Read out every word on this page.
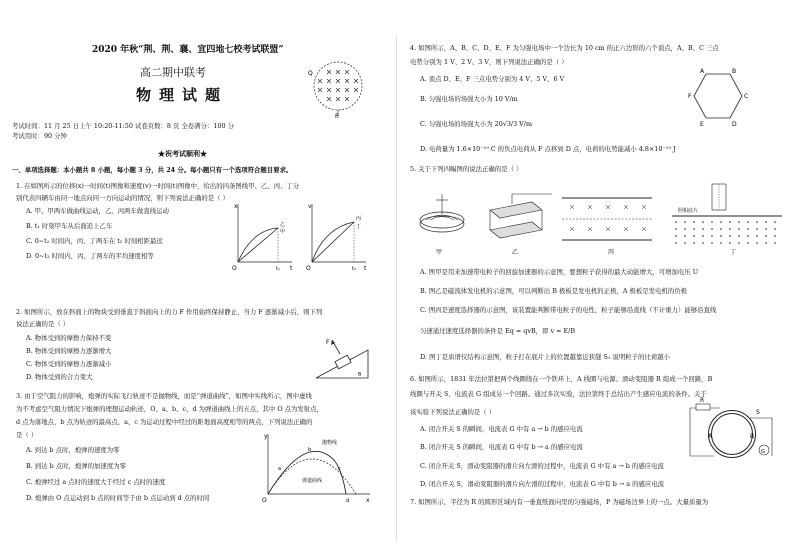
2020 年秋“荆、荆、襄、宜四地七校考试联盟”
高二期中联考
物理试题
Q
P
考试时间：11 月 25 日上午 10:20-11:50 试卷页数：8 页 全卷满分：100 分
考试用时：90 分钟
★祝考试顺利★
一、单项选择题：本小题共 8 小题，每小题 3 分，共 24 分。每小题只有一个选项符合题目要求。
1. 在如图所示的位移(x)一时间(t)图像和速度(v)一时间(t)图像中，给出的四条图线甲、乙、丙、丁分
别代表四辆车由同一地点向同一方向运动的情况，则下列说法正确的是（ ）
A. 甲、甲两车做曲线运动，乙、丙两车做直线运动
B. t₁ 时刻甲车从后面追上乙车
C. 0~t₂ 时间内，丙、丁两车在 t₂ 时刻相距最远
D. 0~t₂ 时间内，丙、丁两车的平均速度相等
x
t
t₁
O
乙
甲
v
t
t₂
O
丙
丁
2. 如图所示，放在斜面上的物块受到垂直于斜面向上的力 F 作用始终保持静止，当力 F 逐渐减小后，则下列
说法正确的是（ ）
A. 物体受到的摩擦力保持不变
B. 物体受到的摩擦力逐渐增大
C. 物体受到的摩擦力逐渐减小
D. 物体受到的合力变大
F
θ
3. 由于空气阻力的影响，炮弹的实际飞行轨迹不是抛物线，而是“弹道曲线”，如图中实线所示，图中虚线
为不考虑空气阻力情况下炮弹的理想运动轨迹，O、a、b、c、d 为弹道曲线上的五点，其中 O 点为发射点，
d 点为落地点，b 点为轨迹的最高点，a、c 为运动过程中经过的距地面高度相等的两点，下列说法正确的
是（ ）
A. 到达 b 点时，炮弹的速度为零
B. 到达 b 点时，炮弹的加速度为零
C. 炮弹经过 a 点时的速度大于经过 c 点时的速度
D. 炮弹由 O 点运动到 b 点的时间等于由 b 点运动到 d 点的时间
y
x
O
a
b
c
d
抛物线
弹道曲线
4. 如图所示，A、B、C、D、E、F 为匀强电场中一个边长为 10 cm 的正六边形的六个顶点，A、B、C 三点
电势分别为 1 V、2 V、3 V，则下列说法正确的是（ ）
A. 顶点 D、E、F 三点电势分别为 4 V、5 V、6 V
B. 匀强电场的场强大小为 10 V/m
C. 匀强电场的场强大小为 20√3/3 V/m
D. 电荷量为 1.6×10⁻¹⁹ C 的负点电荷从 F 点移到 D 点，电荷的电势能减小 4.8×10⁻¹⁹ J
A	B
C
D
E
F
5. 关于下列四幅图的说法正确的是（ ）
甲	乙	丙
照相底片
丁
A. 图甲是用来加速带电粒子的回旋加速器的示意图，要想粒子获得的最大动能增大，可增加电压 U
B. 图乙是磁流体发电机的示意图，可以判断出 B 极板是发电机的正极，A 极板是发电机的负极
C. 图丙是速度选择器的示意图，该装置能判断带电粒子的电性，粒子能够沿直线（不计重力）能够沿直线
匀速通过速度选择器的条件是 Eq = qvB，即 v = E/B
D. 图丁是质谱仪结构示意图，粒子打在底片上的位置越靠近狭缝 S₁ 说明粒子的比荷越小
6. 如图所示，1831 年法拉第把两个线圈绕在一个铁环上，A 线圈与电源、滑动变阻器 R 组成一个回路，B
线圈与开关 S、电流表 G 组成另一个回路。通过多次实验，法拉第终于总结出产生感应电流的条件。关于
该实验下列说法正确的是（ ）
A. 闭合开关 S 的瞬间，电流表 G 中有 a → b 的感应电流
B. 闭合开关 S 的瞬间，电流表 G 中有 b → a 的感应电流
C. 闭合开关 S，滑动变阻器的滑片向左滑的过程中，电流表 G 中有 a → b 的感应电流
D. 闭合开关 S，滑动变阻器的滑片向左滑的过程中，电流表 G 中有 b → a 的感应电流
R
S
A	B
G
7. 如图所示，半径为 R 的圆形区域内有一垂直纸面向里的匀强磁场，P 为磁场边界上的一点。大量质量为
